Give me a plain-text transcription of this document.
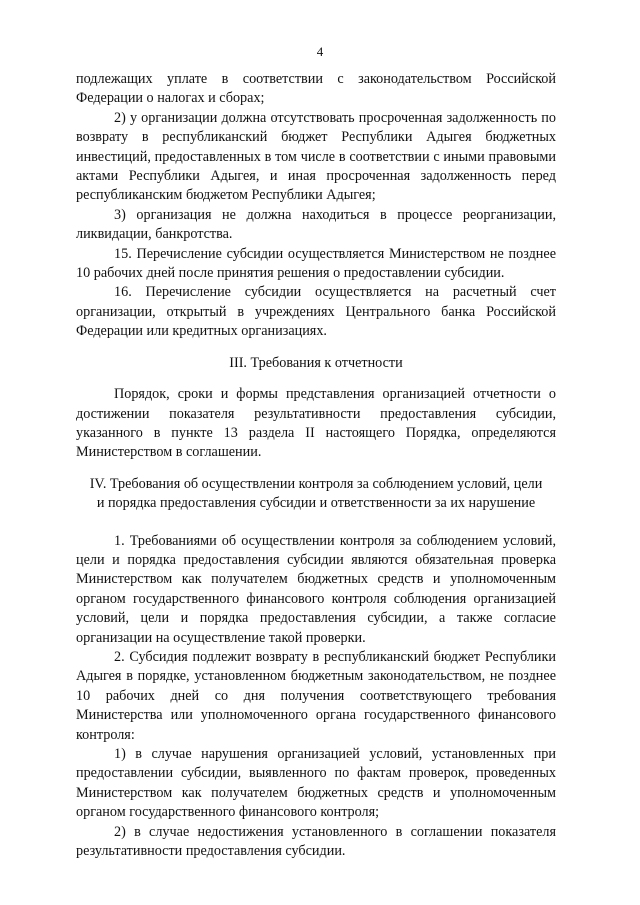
4

подлежащих уплате в соответствии с законодательством Российской Федерации о налогах и сборах;

2) у организации должна отсутствовать просроченная задолженность по возврату в республиканский бюджет Республики Адыгея бюджетных инвестиций, предоставленных в том числе в соответствии с иными правовыми актами Республики Адыгея, и иная просроченная задолженность перед республиканским бюджетом Республики Адыгея;

3) организация не должна находиться в процессе реорганизации, ликвидации, банкротства.

15. Перечисление субсидии осуществляется Министерством не позднее 10 рабочих дней после принятия решения о предоставлении субсидии.

16. Перечисление субсидии осуществляется на расчетный счет организации, открытый в учреждениях Центрального банка Российской Федерации или кредитных организациях.

III. Требования к отчетности

Порядок, сроки и формы представления организацией отчетности о достижении показателя результативности предоставления субсидии, указанного в пункте 13 раздела II настоящего Порядка, определяются Министерством в соглашении.

IV. Требования об осуществлении контроля за соблюдением условий, цели
и порядка предоставления субсидии и ответственности за их нарушение

1. Требованиями об осуществлении контроля за соблюдением условий, цели и порядка предоставления субсидии являются обязательная проверка Министерством как получателем бюджетных средств и уполномоченным органом государственного финансового контроля соблюдения организацией условий, цели и порядка предоставления субсидии, а также согласие организации на осуществление такой проверки.

2. Субсидия подлежит возврату в республиканский бюджет Республики Адыгея в порядке, установленном бюджетным законодательством, не позднее 10 рабочих дней со дня получения соответствующего требования Министерства или уполномоченного органа государственного финансового контроля:

1) в случае нарушения организацией условий, установленных при предоставлении субсидии, выявленного по фактам проверок, проведенных Министерством как получателем бюджетных средств и уполномоченным органом государственного финансового контроля;

2) в случае недостижения установленного в соглашении показателя результативности предоставления субсидии.
